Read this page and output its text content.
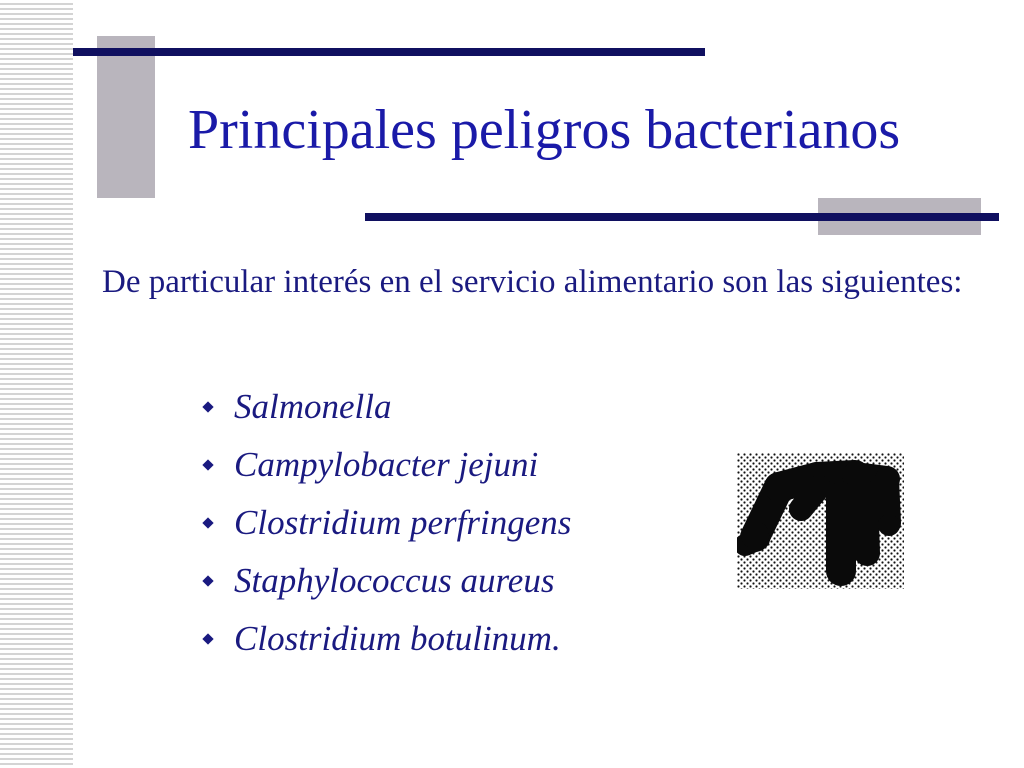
Principales peligros bacterianos
De particular interés en el servicio alimentario son las siguientes:
Salmonella
Campylobacter jejuni
Clostridium perfringens
Staphylococcus aureus
Clostridium botulinum.
